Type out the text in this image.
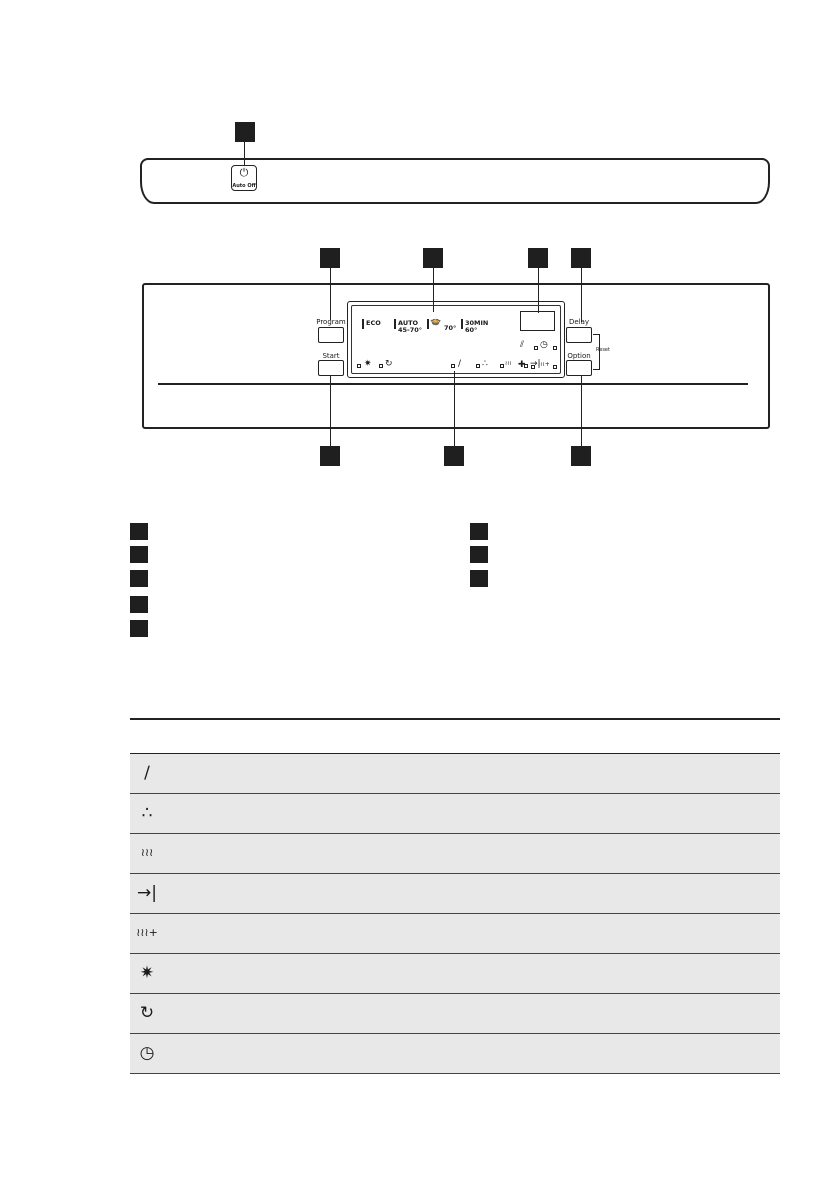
⏻
Auto Off
Program
Start
Delay
Option
Reset
ECO	AUTO
45-70°
🍲
70°
30MIN
60°
✷ ↻	∕ ∴	≀≀≀ →|
⫽ ◷
✚ ≀≀≀+
∕
∴
≀≀≀
→|
≀≀≀+
✷
↻
◷
